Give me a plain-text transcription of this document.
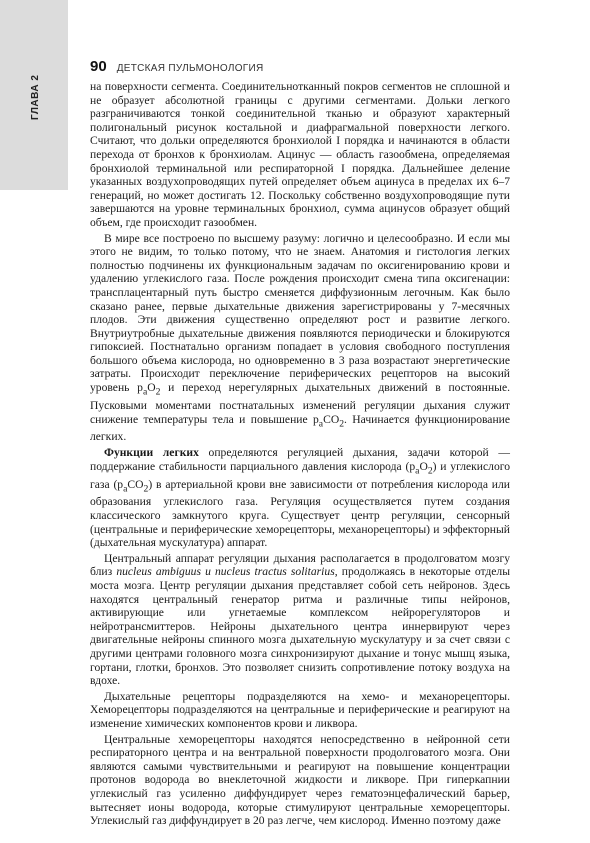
ГЛАВА 2
90 ДЕТСКАЯ ПУЛЬМОНОЛОГИЯ

на поверхности сегмента. Соединительнотканный покров сегментов не сплошной и не образует абсолютной границы с другими сегментами. Дольки легкого разграничиваются тонкой соединительной тканью и образуют характерный полигональный рисунок костальной и диафрагмальной поверхности легкого. Считают, что дольки определяются бронхиолой I порядка и начинаются в области перехода от бронхов к бронхиолам. Ацинус — область газообмена, определяемая бронхиолой терминальной или респираторной I порядка. Дальнейшее деление указанных воздухопроводящих путей определяет объем ацинуса в пределах их 6–7 генераций, но может достигать 12. Поскольку собственно воздухопроводящие пути завершаются на уровне терминальных бронхиол, сумма ацинусов образует общий объем, где происходит газообмен.

В мире все построено по высшему разуму: логично и целесообразно. И если мы этого не видим, то только потому, что не знаем. Анатомия и гистология легких полностью подчинены их функциональным задачам по оксигенированию крови и удалению углекислого газа. После рождения происходит смена типа оксигенации: трансплацентарный путь быстро сменяется диффузионным легочным. Как было сказано ранее, первые дыхательные движения зарегистрированы у 7-месячных плодов. Эти движения существенно определяют рост и развитие легкого. Внутриутробные дыхательные движения появляются периодически и блокируются гипоксией. Постнатально организм попадает в условия свободного поступления большого объема кислорода, но одновременно в 3 раза возрастают энергетические затраты. Происходит переключение периферических рецепторов на высокий уровень $p_aO_2$ и переход нерегулярных дыхательных движений в постоянные. Пусковыми моментами постнатальных изменений регуляции дыхания служит снижение температуры тела и повышение $p_aCO_2$. Начинается функционирование легких.

Функции легких определяются регуляцией дыхания, задачи которой — поддержание стабильности парциального давления кислорода $(p_aO_2)$ и углекислого газа $(p_aCO_2)$ в артериальной крови вне зависимости от потребления кислорода или образования углекислого газа. Регуляция осуществляется путем создания классического замкнутого круга. Существует центр регуляции, сенсорный (центральные и периферические хеморецепторы, механорецепторы) и эффекторный (дыхательная мускулатура) аппарат.

Центральный аппарат регуляции дыхания располагается в продолговатом мозгу близ nucleus ambiguus и nucleus tractus solitarius, продолжаясь в некоторые отделы моста мозга. Центр регуляции дыхания представляет собой сеть нейронов. Здесь находятся центральный генератор ритма и различные типы нейронов, активирующие или угнетаемые комплексом нейрорегуляторов и нейротрансмиттеров. Нейроны дыхательного центра иннервируют через двигательные нейроны спинного мозга дыхательную мускулатуру и за счет связи с другими центрами головного мозга синхронизируют дыхание и тонус мышц языка, гортани, глотки, бронхов. Это позволяет снизить сопротивление потоку воздуха на вдохе.

Дыхательные рецепторы подразделяются на хемо- и механорецепторы. Хеморецепторы подразделяются на центральные и периферические и реагируют на изменение химических компонентов крови и ликвора.

Центральные хеморецепторы находятся непосредственно в нейронной сети респираторного центра и на вентральной поверхности продолговатого мозга. Они являются самыми чувствительными и реагируют на повышение концентрации протонов водорода во внеклеточной жидкости и ликворе. При гиперкапнии углекислый газ усиленно диффундирует через гематоэнцефалический барьер, вытесняет ионы водорода, которые стимулируют центральные хеморецепторы. Углекислый газ диффундирует в 20 раз легче, чем кислород. Именно поэтому даже
